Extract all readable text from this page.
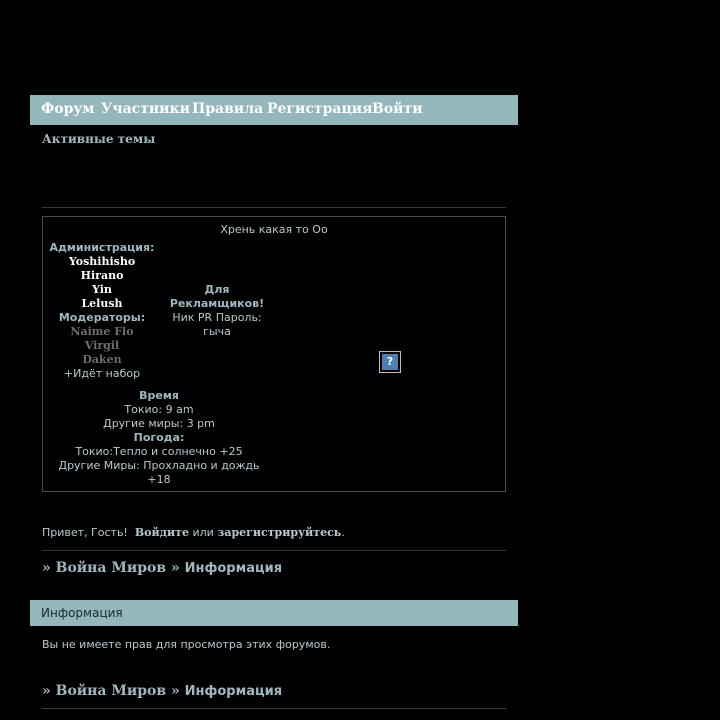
Форум Участники Правила Регистрация Войти
Активные темы
Хрень какая то Оо
Администрация:
Yoshihisho
Hirano
Yin
Lelush
Модераторы:
Naime Flo
Virgil
Daken
+Идёт набор
Для
Рекламщиков!
Ник PR Пароль:
гыча
?
Время
Токио: 9 am
Другие миры: 3 pm
Погода:
Токио:Тепло и солнечно +25
Другие Миры: Прохладно и дождь
+18
Привет, Гость! Войдите или зарегистрируйтесь.
» Война Миров » Информация
Информация
Вы не имеете прав для просмотра этих форумов.
» Война Миров » Информация
